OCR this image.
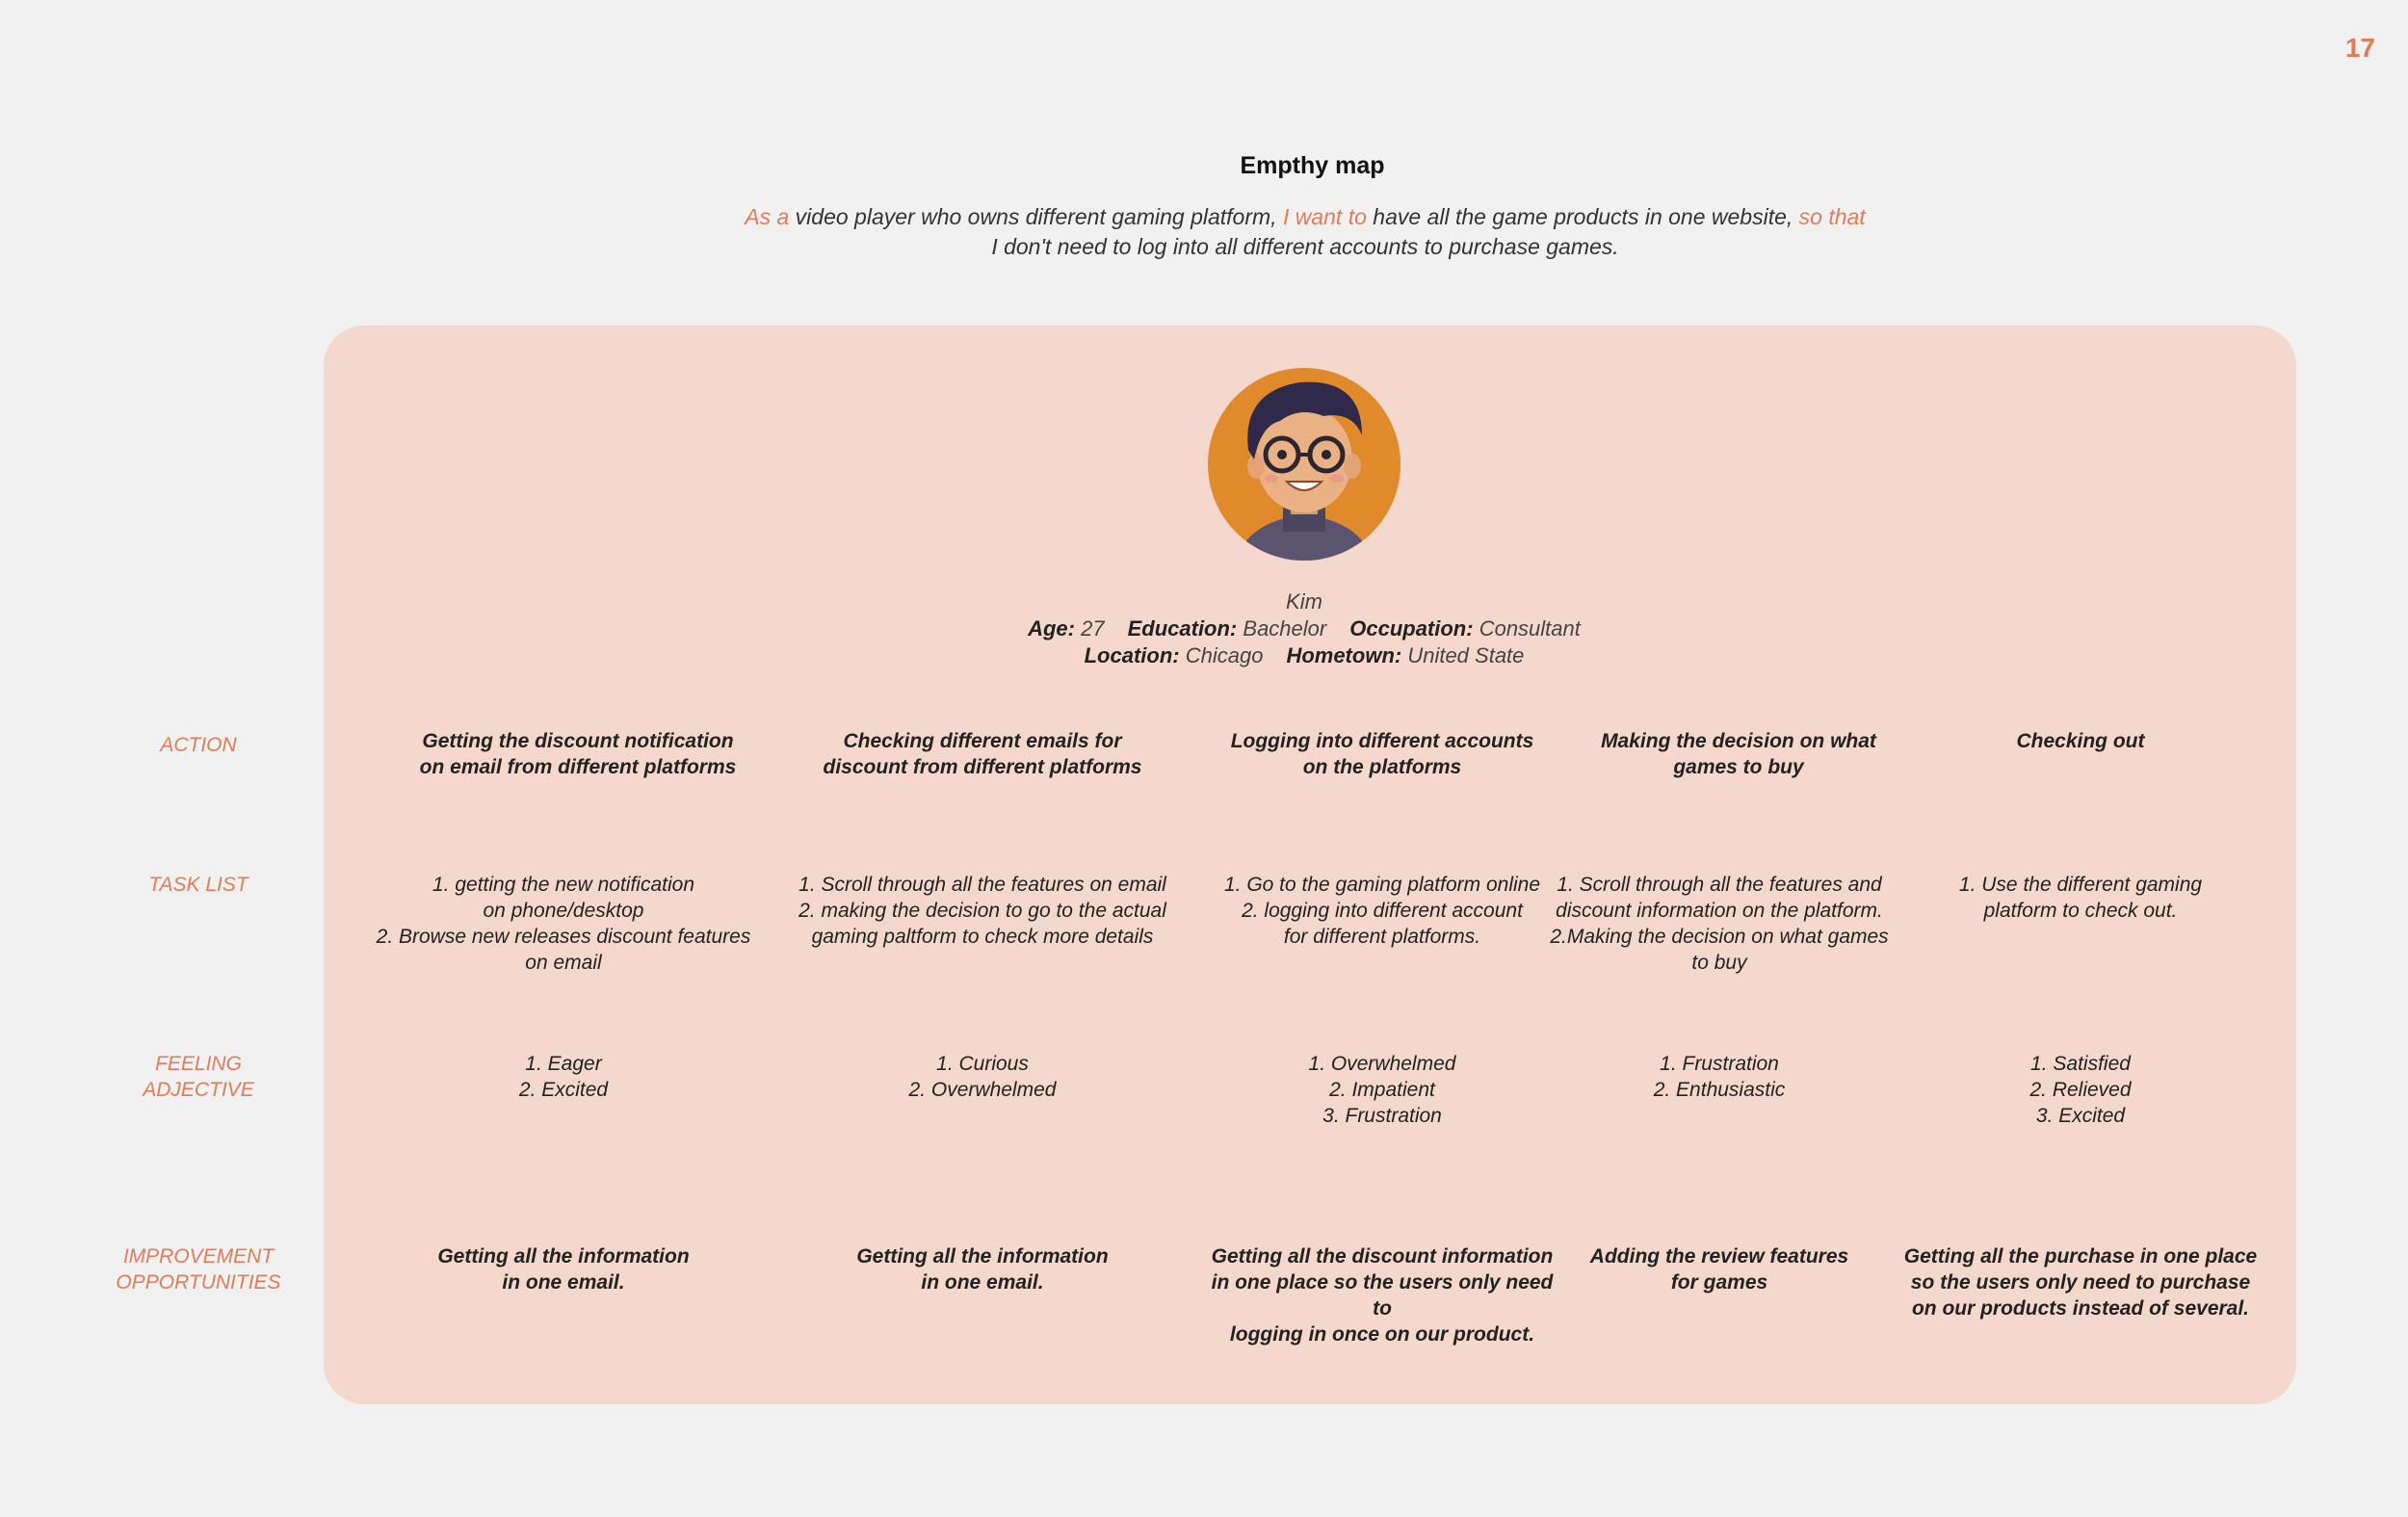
17
Empthy map
As a video player who owns different gaming platform, I want to have all the game products in one website, so that I don't need to log into all different accounts to purchase games.
Kim
Age: 27 Education: Bachelor Occupation: Consultant
Location: Chicago Hometown: United State
ACTION
TASK LIST
FEELING
ADJECTIVE
IMPROVEMENT
OPPORTUNITIES
Getting the discount notification
on email from different platforms
Checking different emails for
discount from different platforms
Logging into different accounts
on the platforms
Making the decision on what
games to buy
Checking out
1. getting the new notification
on phone/desktop
2. Browse new releases discount features
on email
1. Scroll through all the features on email
2. making the decision to go to the actual
gaming paltform to check more details
1. Go to the gaming platform online
2. logging into different account
for different platforms.
1. Scroll through all the features and
discount information on the platform.
2.Making the decision on what games
to buy
1. Use the different gaming
platform to check out.
1. Eager
2. Excited
1. Curious
2. Overwhelmed
1. Overwhelmed
2. Impatient
3. Frustration
1. Frustration
2. Enthusiastic
1. Satisfied
2. Relieved
3. Excited
Getting all the information
in one email.
Getting all the information
in one email.
Getting all the discount information
in one place so the users only need to
logging in once on our product.
Adding the review features
for games
Getting all the purchase in one place
so the users only need to purchase
on our products instead of several.
